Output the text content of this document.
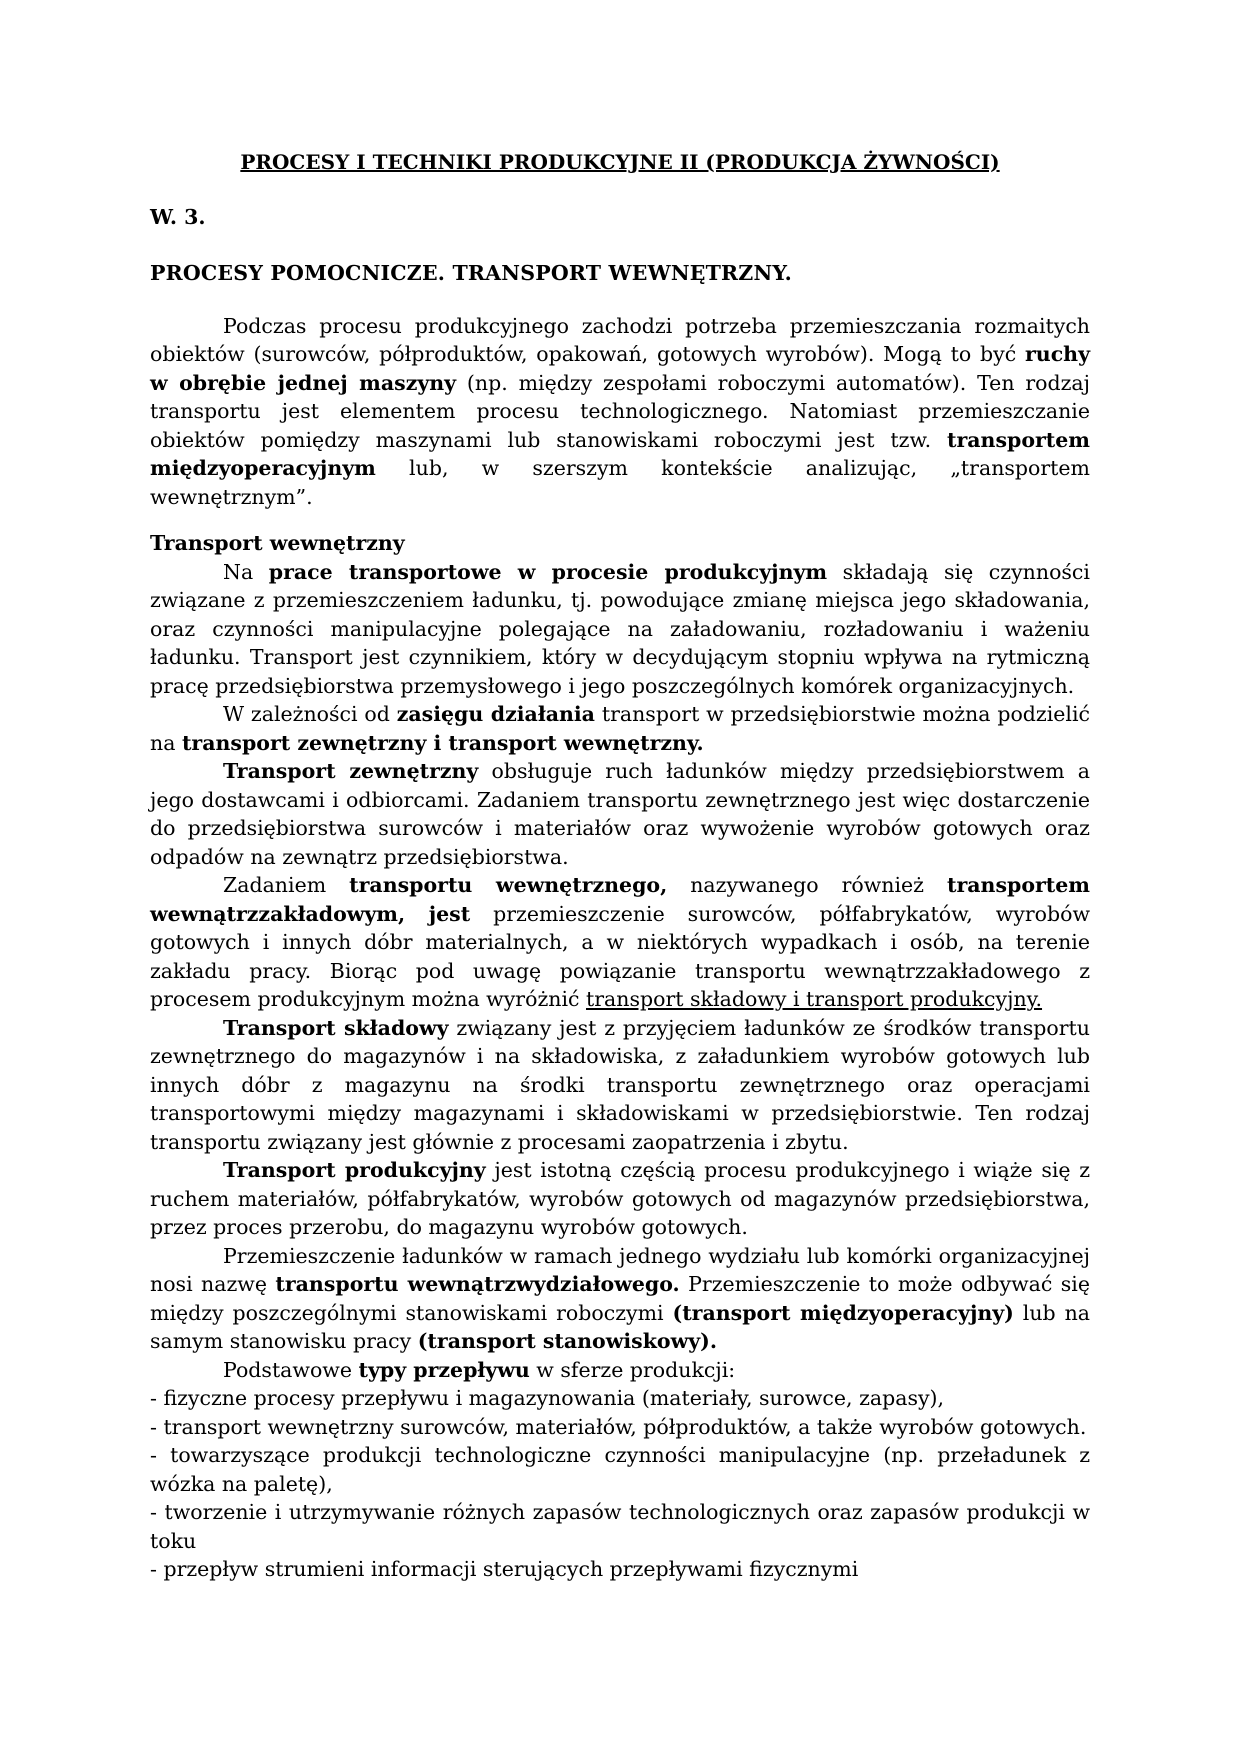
PROCESY I TECHNIKI PRODUKCYJNE II (PRODUKCJA ŻYWNOŚCI)

W. 3.

PROCESY POMOCNICZE. TRANSPORT WEWNĘTRZNY.

Podczas procesu produkcyjnego zachodzi potrzeba przemieszczania rozmaitych obiektów (surowców, półproduktów, opakowań, gotowych wyrobów). Mogą to być ruchy w obrębie jednej maszyny (np. między zespołami roboczymi automatów). Ten rodzaj transportu jest elementem procesu technologicznego. Natomiast przemieszczanie obiektów pomiędzy maszynami lub stanowiskami roboczymi jest tzw. transportem międzyoperacyjnym lub, w szerszym kontekście analizując, „transportem wewnętrznym”.

Transport wewnętrzny

Na prace transportowe w procesie produkcyjnym składają się czynności związane z przemieszczeniem ładunku, tj. powodujące zmianę miejsca jego składowania, oraz czynności manipulacyjne polegające na załadowaniu, rozładowaniu i ważeniu ładunku. Transport jest czynnikiem, który w decydującym stopniu wpływa na rytmiczną pracę przedsiębiorstwa przemysłowego i jego poszczególnych komórek organizacyjnych.

W zależności od zasięgu działania transport w przedsiębiorstwie można podzielić na transport zewnętrzny i transport wewnętrzny.

Transport zewnętrzny obsługuje ruch ładunków między przedsiębiorstwem a jego dostawcami i odbiorcami. Zadaniem transportu zewnętrznego jest więc dostarczenie do przedsiębiorstwa surowców i materiałów oraz wywożenie wyrobów gotowych oraz odpadów na zewnątrz przedsiębiorstwa.

Zadaniem transportu wewnętrznego, nazywanego również transportem wewnątrzzakładowym, jest przemieszczenie surowców, półfabrykatów, wyrobów gotowych i innych dóbr materialnych, a w niektórych wypadkach i osób, na terenie zakładu pracy. Biorąc pod uwagę powiązanie transportu wewnątrzzakładowego z procesem produkcyjnym można wyróżnić transport składowy i transport produkcyjny.

Transport składowy związany jest z przyjęciem ładunków ze środków transportu zewnętrznego do magazynów i na składowiska, z załadunkiem wyrobów gotowych lub innych dóbr z magazynu na środki transportu zewnętrznego oraz operacjami transportowymi między magazynami i składowiskami w przedsiębiorstwie. Ten rodzaj transportu związany jest głównie z procesami zaopatrzenia i zbytu.

Transport produkcyjny jest istotną częścią procesu produkcyjnego i wiąże się z ruchem materiałów, półfabrykatów, wyrobów gotowych od magazynów przedsiębiorstwa, przez proces przerobu, do magazynu wyrobów gotowych.

Przemieszczenie ładunków w ramach jednego wydziału lub komórki organizacyjnej nosi nazwę transportu wewnątrzwydziałowego. Przemieszczenie to może odbywać się między poszczególnymi stanowiskami roboczymi (transport międzyoperacyjny) lub na samym stanowisku pracy (transport stanowiskowy).

Podstawowe typy przepływu w sferze produkcji:

- fizyczne procesy przepływu i magazynowania (materiały, surowce, zapasy),

- transport wewnętrzny surowców, materiałów, półproduktów, a także wyrobów gotowych.

- towarzyszące produkcji technologiczne czynności manipulacyjne (np. przeładunek z wózka na paletę),

- tworzenie i utrzymywanie różnych zapasów technologicznych oraz zapasów produkcji w toku

- przepływ strumieni informacji sterujących przepływami fizycznymi
